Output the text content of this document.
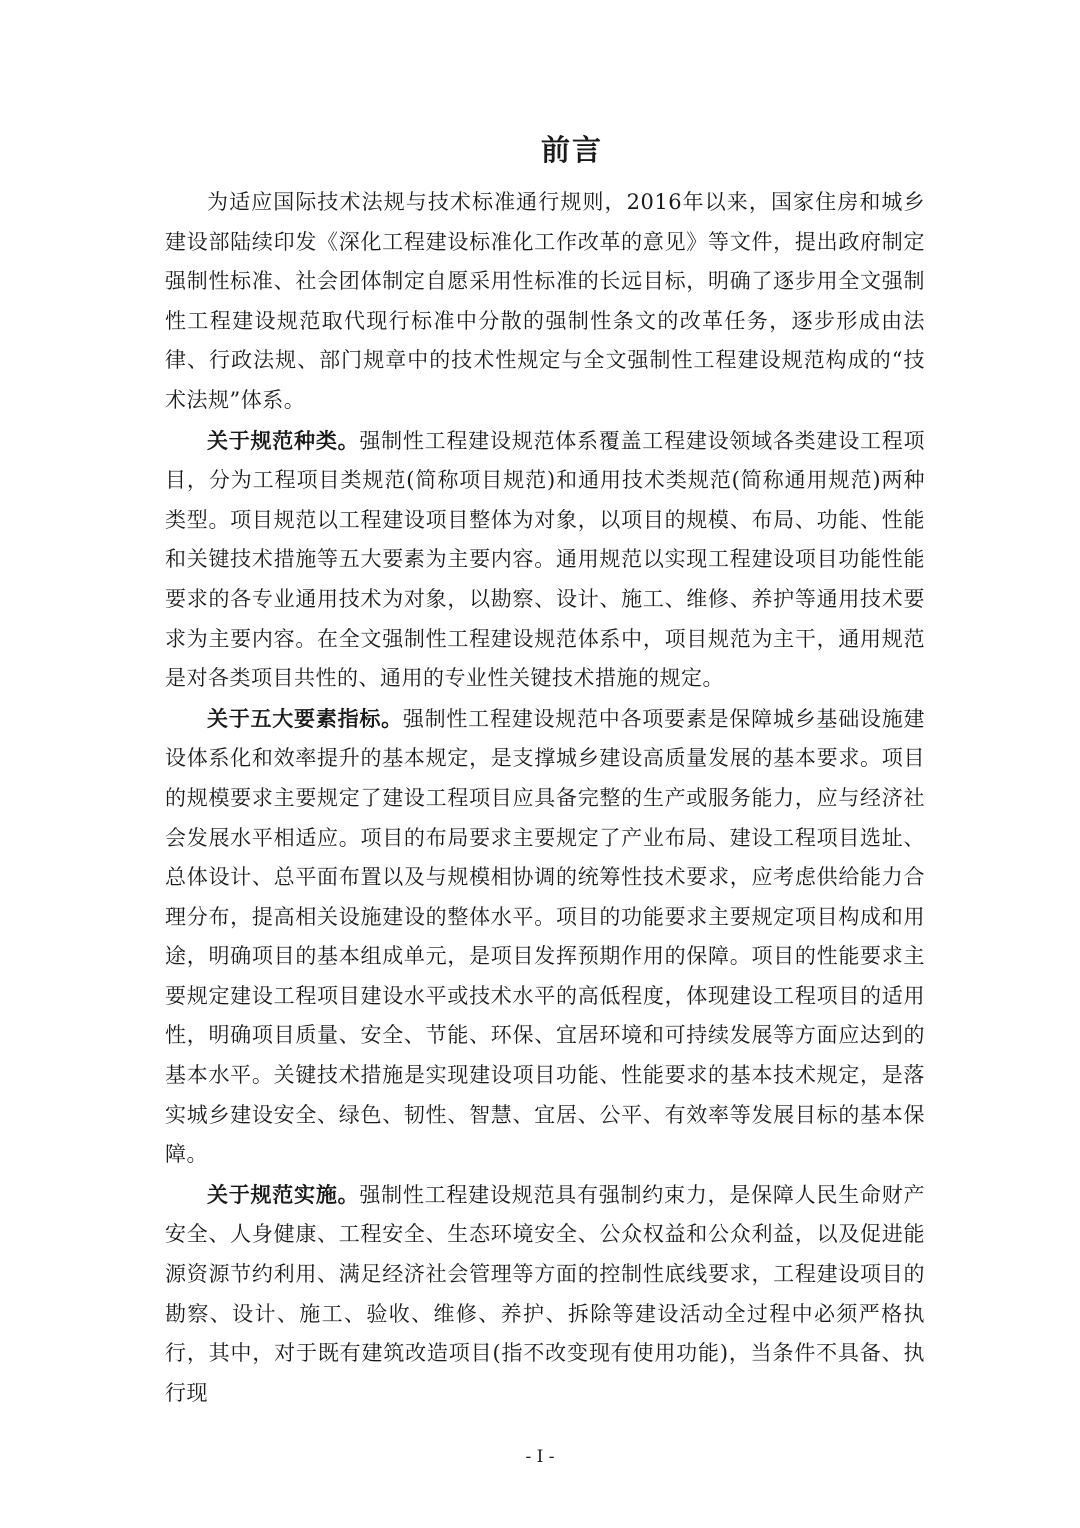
前言

为适应国际技术法规与技术标准通行规则，2016年以来，国家住房和城乡建设部陆续印发《深化工程建设标准化工作改革的意见》等文件，提出政府制定强制性标准、社会团体制定自愿采用性标准的长远目标，明确了逐步用全文强制性工程建设规范取代现行标准中分散的强制性条文的改革任务，逐步形成由法律、行政法规、部门规章中的技术性规定与全文强制性工程建设规范构成的“技术法规”体系。

关于规范种类。强制性工程建设规范体系覆盖工程建设领域各类建设工程项目，分为工程项目类规范(简称项目规范)和通用技术类规范(简称通用规范)两种类型。项目规范以工程建设项目整体为对象，以项目的规模、布局、功能、性能和关键技术措施等五大要素为主要内容。通用规范以实现工程建设项目功能性能要求的各专业通用技术为对象，以勘察、设计、施工、维修、养护等通用技术要求为主要内容。在全文强制性工程建设规范体系中，项目规范为主干，通用规范是对各类项目共性的、通用的专业性关键技术措施的规定。

关于五大要素指标。强制性工程建设规范中各项要素是保障城乡基础设施建设体系化和效率提升的基本规定，是支撑城乡建设高质量发展的基本要求。项目的规模要求主要规定了建设工程项目应具备完整的生产或服务能力，应与经济社会发展水平相适应。项目的布局要求主要规定了产业布局、建设工程项目选址、总体设计、总平面布置以及与规模相协调的统筹性技术要求，应考虑供给能力合理分布，提高相关设施建设的整体水平。项目的功能要求主要规定项目构成和用途，明确项目的基本组成单元，是项目发挥预期作用的保障。项目的性能要求主要规定建设工程项目建设水平或技术水平的高低程度，体现建设工程项目的适用性，明确项目质量、安全、节能、环保、宜居环境和可持续发展等方面应达到的基本水平。关键技术措施是实现建设项目功能、性能要求的基本技术规定，是落实城乡建设安全、绿色、韧性、智慧、宜居、公平、有效率等发展目标的基本保障。

关于规范实施。强制性工程建设规范具有强制约束力，是保障人民生命财产安全、人身健康、工程安全、生态环境安全、公众权益和公众利益，以及促进能源资源节约利用、满足经济社会管理等方面的控制性底线要求，工程建设项目的勘察、设计、施工、验收、维修、养护、拆除等建设活动全过程中必须严格执行，其中，对于既有建筑改造项目(指不改变现有使用功能)，当条件不具备、执行现

- I -
